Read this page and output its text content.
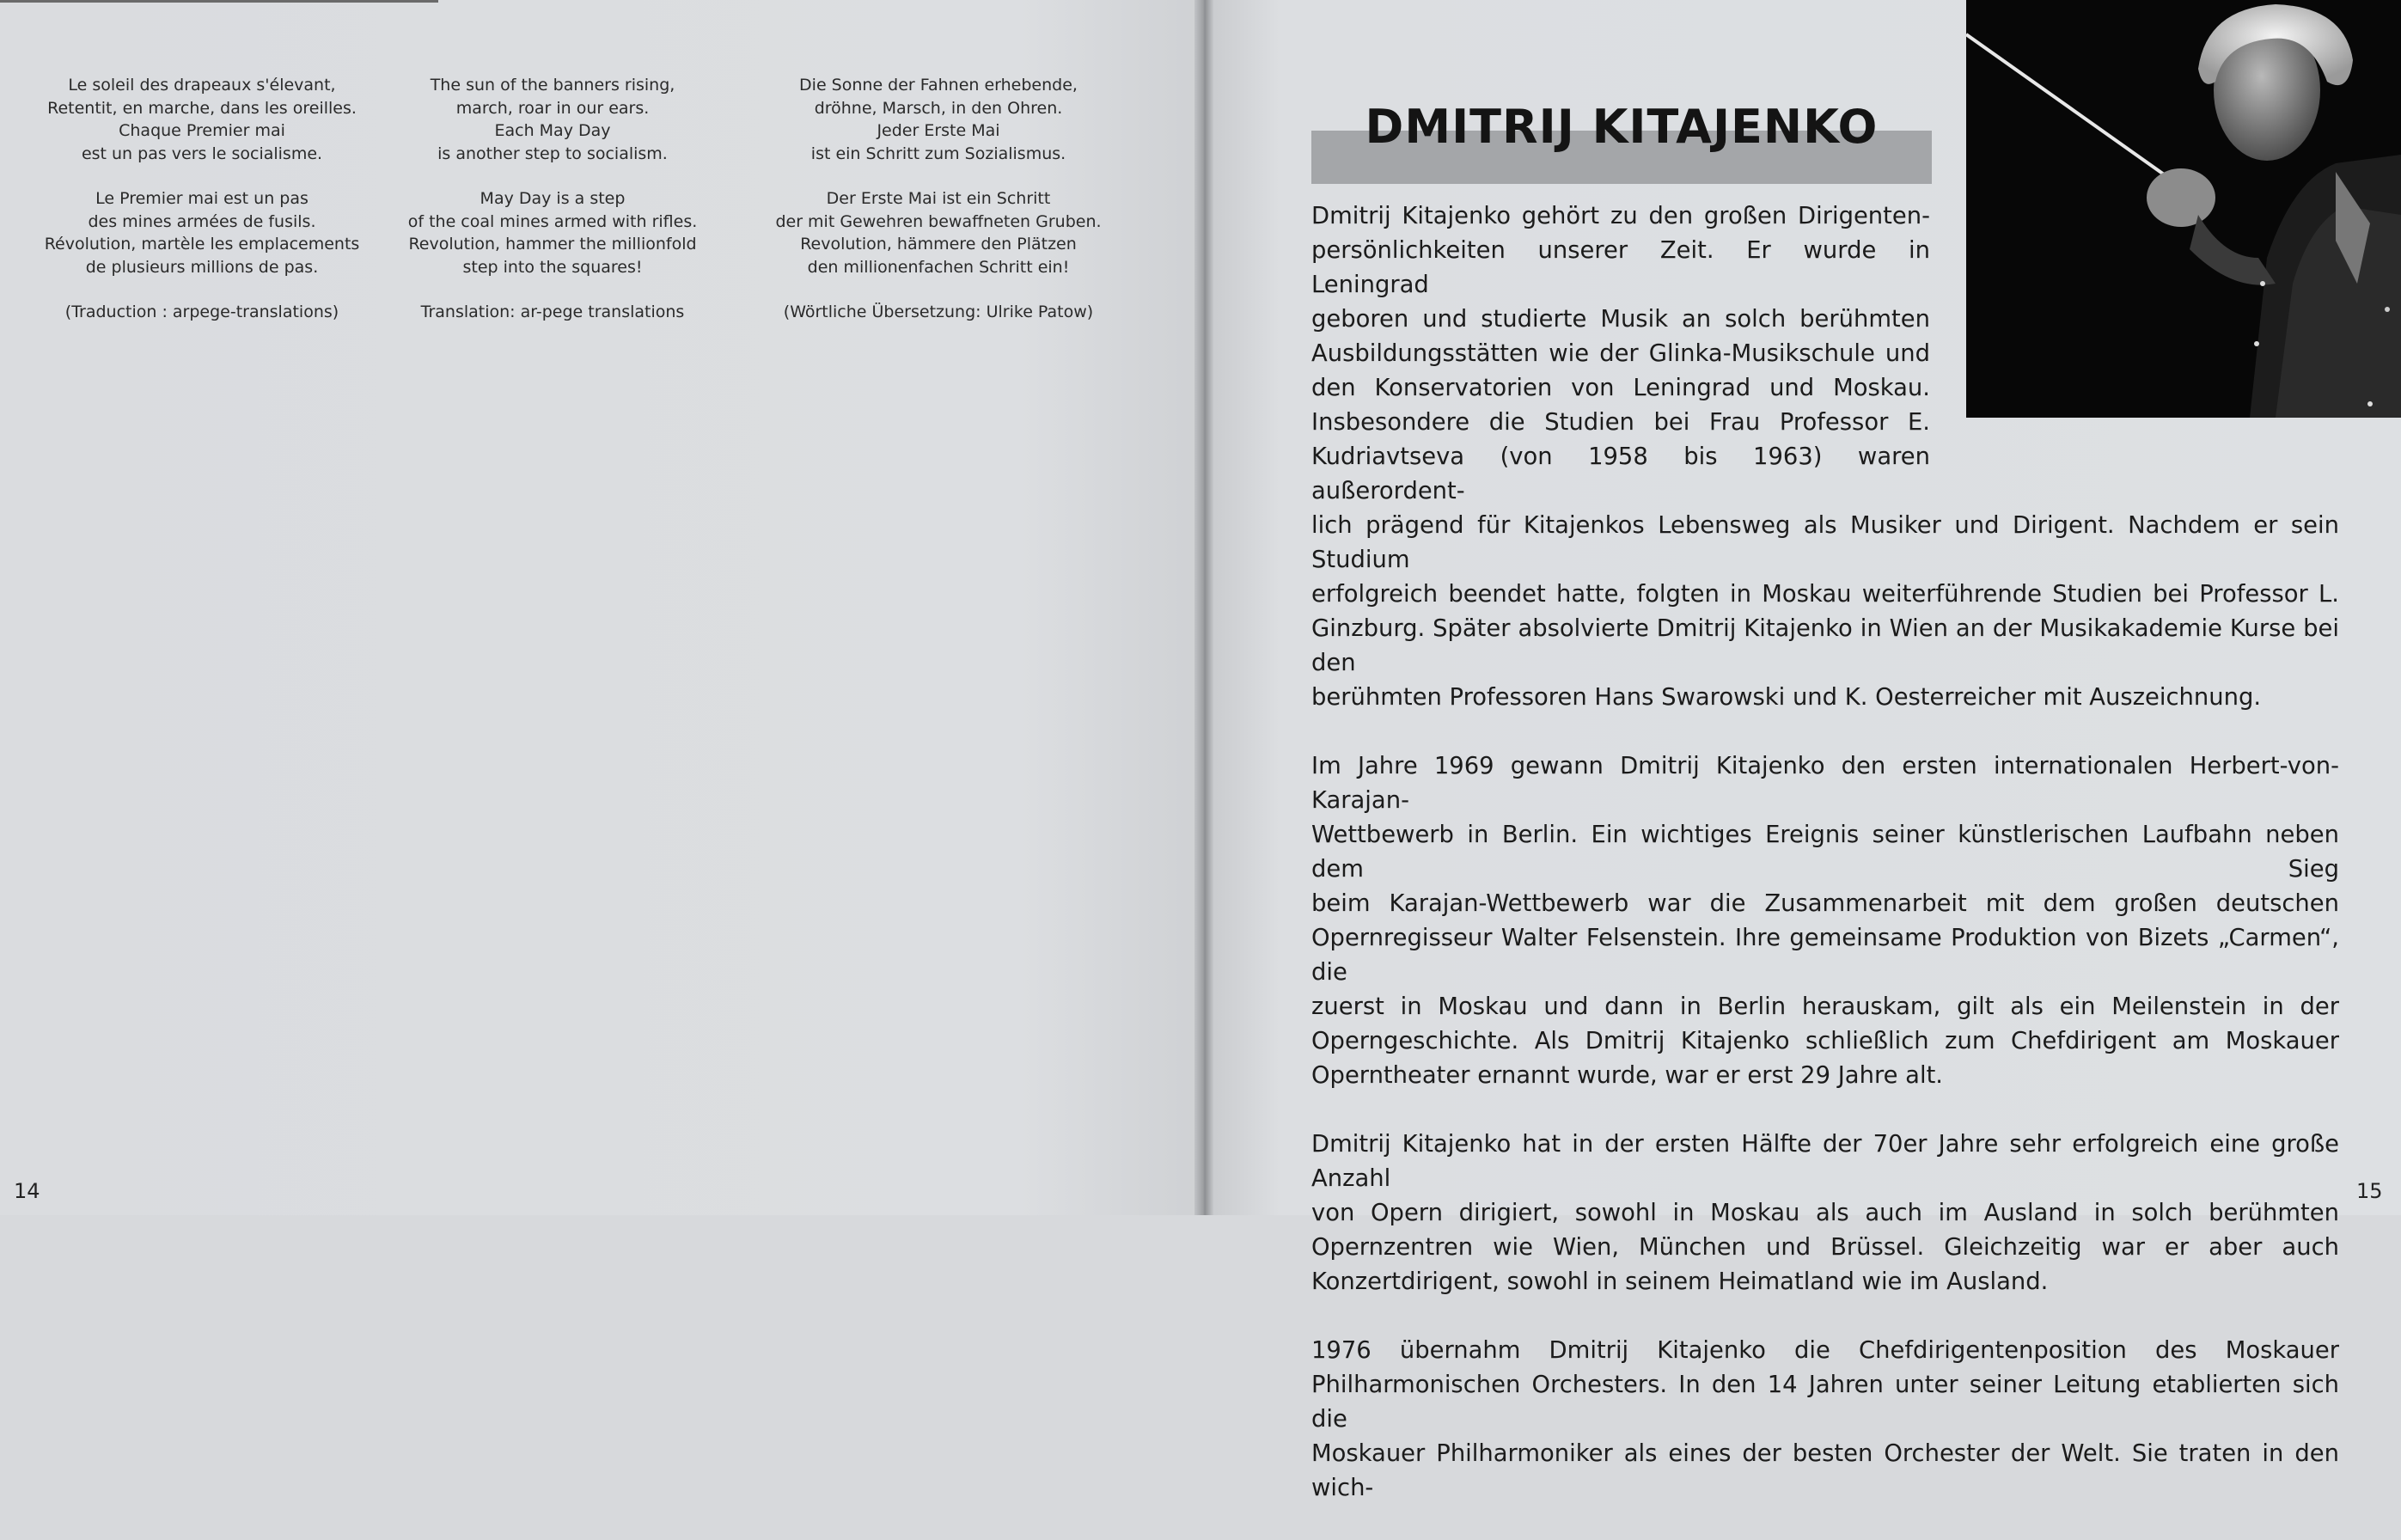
Le soleil des drapeaux s'élevant,
Retentit, en marche, dans les oreilles.
Chaque Premier mai
est un pas vers le socialisme.
Le Premier mai est un pas
des mines armées de fusils.
Révolution, martèle les emplacements
de plusieurs millions de pas.
(Traduction : arpege-translations)
The sun of the banners rising,
march, roar in our ears.
Each May Day
is another step to socialism.
May Day is a step
of the coal mines armed with rifles.
Revolution, hammer the millionfold
step into the squares!
Translation: ar-pege translations
Die Sonne der Fahnen erhebende,
dröhne, Marsch, in den Ohren.
Jeder Erste Mai
ist ein Schritt zum Sozialismus.
Der Erste Mai ist ein Schritt
der mit Gewehren bewaffneten Gruben.
Revolution, hämmere den Plätzen
den millionenfachen Schritt ein!
(Wörtliche Übersetzung: Ulrike Patow)
14
DMITRIJ KITAJENKO
Dmitrij Kitajenko gehört zu den großen Dirigenten-
persönlichkeiten unserer Zeit. Er wurde in Leningrad
geboren und studierte Musik an solch berühmten
Ausbildungsstätten wie der Glinka-Musikschule und
den Konservatorien von Leningrad und Moskau.
Insbesondere die Studien bei Frau Professor E.
Kudriavtseva (von 1958 bis 1963) waren außerordent-
lich prägend für Kitajenkos Lebensweg als Musiker und Dirigent. Nachdem er sein Studium
erfolgreich beendet hatte, folgten in Moskau weiterführende Studien bei Professor L.
Ginzburg. Später absolvierte Dmitrij Kitajenko in Wien an der Musikakademie Kurse bei den
berühmten Professoren Hans Swarowski und K. Oesterreicher mit Auszeichnung.
Im Jahre 1969 gewann Dmitrij Kitajenko den ersten internationalen Herbert-von-Karajan-
Wettbewerb in Berlin. Ein wichtiges Ereignis seiner künstlerischen Laufbahn neben dem Sieg
beim Karajan-Wettbewerb war die Zusammenarbeit mit dem großen deutschen
Opernregisseur Walter Felsenstein. Ihre gemeinsame Produktion von Bizets „Carmen“, die
zuerst in Moskau und dann in Berlin herauskam, gilt als ein Meilenstein in der
Operngeschichte. Als Dmitrij Kitajenko schließlich zum Chefdirigent am Moskauer
Operntheater ernannt wurde, war er erst 29 Jahre alt.
Dmitrij Kitajenko hat in der ersten Hälfte der 70er Jahre sehr erfolgreich eine große Anzahl
von Opern dirigiert, sowohl in Moskau als auch im Ausland in solch berühmten
Opernzentren wie Wien, München und Brüssel. Gleichzeitig war er aber auch
Konzertdirigent, sowohl in seinem Heimatland wie im Ausland.
1976 übernahm Dmitrij Kitajenko die Chefdirigentenposition des Moskauer
Philharmonischen Orchesters. In den 14 Jahren unter seiner Leitung etablierten sich die
Moskauer Philharmoniker als eines der besten Orchester der Welt. Sie traten in den wich-
15
